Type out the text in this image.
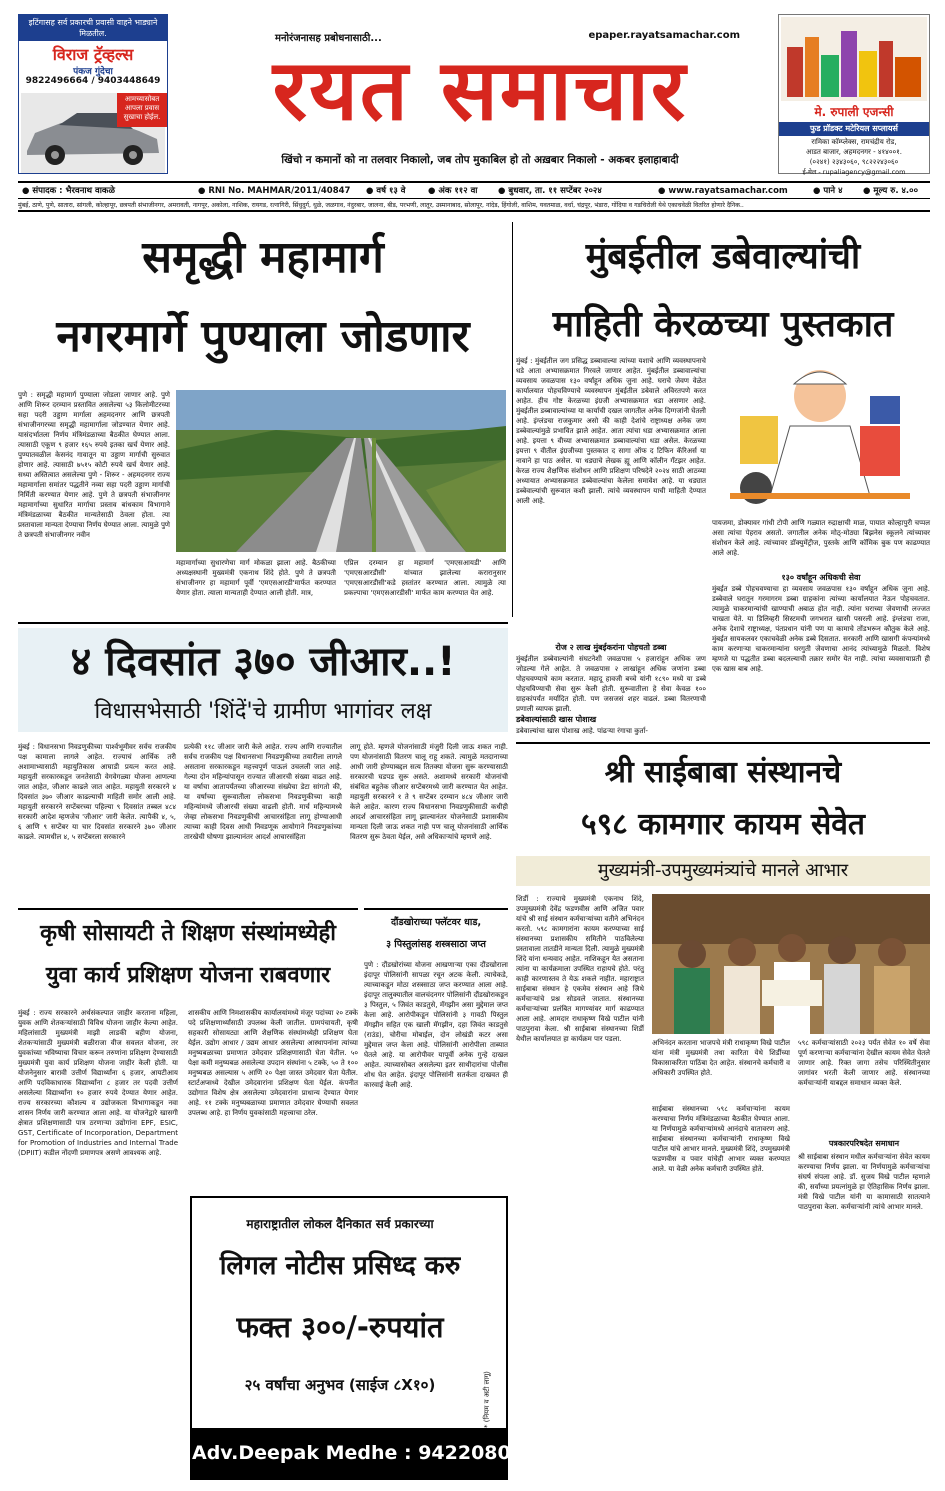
इटिंगासह सर्व प्रकारची प्रवासी वाहने भाड्याने मिळतील.
विराज ट्रॅव्हल्स
पंकज गुंदेचा
9822496664 / 9403448649
आमच्यासोबत आपला प्रवास सुखाचा होईल.
मनोरंजनासह प्रबोधनासाठी...	epaper.rayatsamachar.com
रयत समाचार
खिंचो न कमानों को ना तलवार निकालो, जब तोप मुकाबिल हो तो अख़बार निकालो - अकबर इलाहाबादी
मे. रुपाली एजन्सी
फुड प्रॉडक्ट मटेरियल सप्लायर्स
रामिका कॉम्प्लेक्स, रामचंद्रीय रोड,
आडत बाजार, अहमदनगर - ४१४००१.
(०२४१) २३४३०६०, ९८२२२४३०६०
ई-मेल - rupaliagency@gmail.com
● संपादक : भैरवनाथ वाकळे	● RNI No. MAHMAR/2011/40847 ● वर्ष १३ वे	● अंक ११२ वा ● बुधवार, ता. ११ सप्टेंबर २०२४	● www.rayatsamachar.com	● पाने ४ ● मूल्य रु. ४.००
मुंबई, ठाणे, पुणे, सातारा, सांगली, कोल्हापूर, छत्रपती संभाजीनगर, अमरावती, नागपूर, अकोला, नाशिक, रायगड, रत्नागिरी, सिंधुदुर्ग, धुळे, जळगाव, नंदुरबार, जालना, बीड, परभणी, लातूर, उस्मानाबाद, सोलापूर, नांदेड, हिंगोली, वाशिम, यवतमाळ, वर्धा, चंद्रपूर, भंडारा, गोंदिया व गडचिरोली येथे एकाचवेळी वितरित होणारे दैनिक..
समृद्धी महामार्ग
नगरमार्गे पुण्याला जोडणार
पुणे : समृद्धी महामार्ग पुण्याला जोडला जाणार आहे. पुणे आणि शिरूर दरम्यान प्रस्तावित असलेल्या ५३ किलोमीटरच्या सहा पदरी उड्डाण मार्गाला अहमदनगर आणि छत्रपती संभाजीनगरच्या समृद्धी महामार्गाला जोडण्यात येणार आहे. यासंदर्भातला निर्णय मंत्रिमंडळाच्या बैठकीत घेण्यात आला. त्यासाठी एकूण ९ हजार १६५ रुपये इतका खर्च येणार आहे. पुण्यातवळील केसनंद गावातून या उड्डाण मार्गाची सुरुवात होणार आहे. त्यासाठी ७५१५ कोटी रुपये खर्च येणार आहे. सध्या अस्तित्वात असलेल्या पुणे - शिरूर - अहमदनगर राज्य महामार्गाला समांतर पद्धतीने नव्या सहा पदरी उड्डाण मार्गाची निर्मिती करण्यात येणार आहे. पुणे ते छत्रपती संभाजीनगर महामार्गाच्या सुधारित मार्गाचा प्रस्ताव बांधकाम विभागाने मंत्रिमंडळाच्या बैठकीत मान्यतेसाठी ठेवला होता. त्या प्रस्तावाला मान्यता देण्याचा निर्णय घेण्यात आला. त्यामुळे पुणे ते छत्रपती संभाजीनगर नवीन
महामार्गाच्या सुधारणेचा मार्ग मोकळा झाला आहे. बैठकीच्या अध्यक्षस्थानी मुख्यमंत्री एकनाथ शिंदे होते. पुणे ते छत्रपती संभाजीनगर हा महामार्ग पूर्वी 'एमएसआरडी'मार्फत करण्यात येणार होता. त्याला मान्यताही देण्यात आली होती. मात्र,
एप्रिल दरम्यान हा महामार्ग 'एमएसआयडी' आणि 'एमएसआरडीसी' यांच्यात झालेल्या करारानुसार 'एमएसआरडीसी'कडे हस्तांतर करण्यात आला. त्यामुळे त्या प्रकल्पाचा 'एमएसआरडीसी' मार्फत काम करण्यात येत आहे.
मुंबईतील डबेवाल्यांची
माहिती केरळच्या पुस्तकात
मुंबई : मुंबईतील जग प्रसिद्ध डब्बावाल्या त्यांच्या यशाचे आणि व्यवस्थापनाचे धडे आता अभ्यासक्रमात गिरवले जाणार आहेत. मुंबईतील डब्बावाल्यांचा व्यवसाय जवळपास १३० वर्षांहून अधिक जुना आहे. घराचे जेवण वेळेत कार्यालयात पोहचविण्याचे व्यवस्थापन मुंबईतील डबेवाले अविरतपणे करत आहेत. हीच गोष्ट केरळच्या इंग्रजी अभ्यासक्रमात धडा असणार आहे. मुंबईतील डब्बावाल्यांच्या या कार्याची दखल जागतील अनेक दिग्गजांनी घेतली आहे. इंग्लंडचा राजकुमार असो की काही देशांचे राष्ट्राध्यक्ष अनेक जण डब्बेवाल्यांमुळे प्रभावित झाले आहेत. आता त्यांचा धडा अभ्यासक्रमात आला आहे. इयत्ता ९ वीच्या अभ्यासक्रमात डब्बावाल्यांचा धडा असेल. केरळच्या इयत्ता ९ वीतील इंग्रजीच्या पुस्तकात द सागा ऑफ द टिफिन कॅरिअर्स या नावाने हा पाठ असेल. या धड्याचे लेखक ह्यू आणि कॉलीन गँटझर आहेत. केरळ राज्य शैक्षणिक संशोधन आणि प्रशिक्षण परिषदेने २०२४ साठी आठव्या अध्यायात अभ्यासक्रमात डब्बेवाल्यांचा केलेला समावेश आहे. या धड्यात डब्बेवाल्यांची सुरूवात कशी झाली. त्यांचे व्यवस्थापन याची माहिती देण्यात आली आहे.
रोज २ लाख मुंबईकरांना पोहचतो डब्बा
मुंबईतील डब्बेवाल्यांनी संघटनेशी जवळपास ५ हजारांहून अधिक जण जोडल्या गेले आहेत. ते जवळपास २ लाखांहून अधिक जणांना डब्बा पोहचवण्याचे काम करतात. महादू हावजी बच्चे यांनी १८९० मध्ये या डब्बे पोहचविण्याची सेवा सुरू केली होती. सुरूवातीला हे सेवा केवळ १०० ग्राहकांपर्यंत मर्यादित होती. पण जसजसं शहर वाढलं. डब्बा वितरणाची प्रणाली व्यापक झाली.
डबेवाल्यांसाठी खास पोशाख
डबेवाल्यांचा खास पोशाख आहे. पांढऱ्या रंगाचा कुर्ता-
पायजमा, डोक्यावर गांधी टोपी आणि गळ्यात रुद्राक्षाची माळ, पायात कोल्हापुरी चप्पल असा त्यांचा पेहराव असतो. जगातील अनेक मोठ्-मोठ्या बिझनेस स्कूलने त्यांच्यावर संशोधन केले आहे. त्यांच्यावर डॉक्युमेंट्रीज, पुस्तके आणि कॉमिक बुक पण काढण्यात आले आहे.
१३० वर्षांहून अधिकची सेवा
मुंबईत डब्बे पोहचवण्याचा हा व्यवसाय जवळपास १३० वर्षांहून अधिक जुना आहे. डब्बेवाले घरातून गरमागरम डब्बा ग्राहकांना त्यांच्या कार्यालयात नेऊन पोहचवतात. त्यामुळे चाकरमान्यांची खाण्याची अबाळ होत नाही. त्यांना घराच्या जेवणाची लज्जत चाखता येते. या डिलिव्हरी सिस्टमची जगभरात खासी पसरली आहे. इंग्लंडचा राजा, अनेक देशाचे राष्ट्राध्यक्ष, पंतप्रधान यांनी पण या कामाचे तोंडभरून कौतुक केले आहे. मुंबईत सायकलवर एकाचवेळी अनेक डब्बे दिसतात. सरकारी आणि खासगी कंपन्यांमध्ये काम करणाऱ्या चाकरमान्यांना घरगुती जेवणाचा आनंद त्यांच्यामुळे मिळतो. विशेष म्हणजे या पद्धतीत डब्बा बदलल्याची तक्रार समोर येत नाही. त्यांचा व्यवसायाप्रती ही एक खास बाब आहे.
४ दिवसांत ३७० जीआर..!
विधासभेसाठी 'शिंदें'चे ग्रामीण भागांवर लक्ष
मुंबई : विधानसभा निवडणुकीच्या पार्श्वभूमीवर सर्वच राजकीय पक्ष कामाला लागले आहेत. राज्याचं आर्थिक तरी अशामाभ्यासाठी महायुतिकास आघाडी प्रयत्न करत आहे. महायुती सरकारकडून जनतेसाठी वेगवेगळ्या योजना आणल्या जात आहेत, जीआर काढले जात आहेत. महायुती सरकारने ४ दिवसांत ३७० जीआर काढल्याची माहिती समोर आली आहे. महायुती सरकारने सप्टेंबरच्या पहिल्या ९ दिवसांत तब्बल ४८४ सरकारी आदेश म्हणजेच 'जीआर' जारी केलेत. त्यापैकी ४, ५, ६ आणि ९ सप्टेंबर या चार दिवसांत सरकारने ३७० जीआर काढले. त्यामधील ४, ५ सप्टेंबरला सरकारने
प्रत्येकी ११८ जीआर जारी केले आहेत. राज्य आणि राज्यातील सर्वच राजकीय पक्ष विधानसभा निवडणुकीच्या तयारीला लागले असताना सरकारकडून महत्त्वपूर्ण पाऊलं उचलली जात आहे. गेल्या दोन महिन्यांपासून राज्यात जीआरची संख्या वाढत आहे. या वर्षाचा आतापर्यंतच्या जीआरच्या संख्येचा डेटा सांगतो की, या वर्षाच्या सुरूवातीला लोकसभा निवडणुकीच्या काही महिन्यांमध्ये जीआरची संख्या वाढली होती. मार्च महिन्यामध्ये जेव्हा लोकसभा निवडणुकीची आचारसंहिता लागू होण्याआधी त्याच्या काही दिवस आधी निवडणूक आयोगाने निवडणुकांच्या तारखेची घोषणा झाल्यानंतर आदर्श आचारसंहिता
लागू होते. म्हणजे योजनांसाठी मंजुरी दिली जाऊ शकत नाही. पण योजनांसाठी वितरण चालू राहू शकते. त्यामुळे मतदानाच्या आधी जारी होण्याबद्दल सत्य तितक्या योजना सुरू करण्यासाठी सरकारची घडपड सुरू असते. अशामध्ये सरकारी योजनांची संबंधित बहुतेक जीआर सप्टेंबरमध्ये जारी करण्यात येत आहेत. महायुती सरकारने १ ते ९ सप्टेंबर दरम्यान ४८४ जीआर जारी केले आहेत. कारण राज्य विधानसभा निवडणुकीसाठी कधीही आदर्श आचारसंहिता लागू झाल्यानंतर योजनेसाठी प्रशासकीय मान्यता दिली जाऊ शकत नाही पण चालू योजनांसाठी आर्थिक वितरण सुरू ठेवता येईल, असे अधिकाऱ्यांचे म्हणणे आहे.
श्री साईबाबा संस्थानचे
५९८ कामगार कायम सेवेत
मुख्यमंत्री-उपमुख्यमंत्र्यांचे मानले आभार
शिर्डी : राज्याचे मुख्यमंत्री एकनाथ शिंदे, उपमुख्यमंत्री देवेंद्र फडणवीस आणि अजित पवार यांचे श्री साई संस्थान कर्मचाऱ्यांच्या वतीने अभिनंदन करतो. ५९८ कामगारांना कायम करण्याच्या साई संस्थानच्या प्रशासकीय समितीने पाठविलेल्या प्रस्तावाला तातडीने मान्यता दिली. त्यामुळे मुख्यमंत्री शिंदे यांना धन्यवाद आहेत. नाशिकहून येत असताना त्यांना या कार्यक्रमाला उपस्थित राहायचे होते. परंतु काही कारणास्तव ते येऊ शकले नाहीत. महाराष्ट्रात साईबाबा संस्थान हे एकमेव संस्थान आहे जिथे कर्मचाऱ्यांचे प्रश्न सोडवले जातात. संस्थानच्या कर्मचाऱ्यांच्या प्रलंबित मागण्यांवर मार्ग काढण्यात आला आहे. आमदार राधाकृष्ण विखे पाटील यांनी पाठपुरावा केला. श्री साईबाबा संस्थानच्या शिर्डी येथील कार्यालयात हा कार्यक्रम पार पडला.	अभिनंदन करताना भाजपचे मंत्री राधाकृष्ण विखे पाटील यांना मंत्री मुख्यमंत्री तथा कारिता येथे शिर्डीच्या विकासाकरिता पाठिंबा देत आहेत. संस्थानचे कर्मचारी व अधिकारी उपस्थित होते.
साईबाबा संस्थानच्या ५९८ कर्मचाऱ्यांना कायम करण्याचा निर्णय मंत्रिमंडळाच्या बैठकीत घेण्यात आला. या निर्णयामुळे कर्मचाऱ्यांमध्ये आनंदाचे वातावरण आहे. साईबाबा संस्थानच्या कर्मचाऱ्यांनी राधाकृष्ण विखे पाटील यांचे आभार मानले. मुख्यमंत्री शिंदे, उपमुख्यमंत्री फडणवीस व पवार यांचेही आभार व्यक्त करण्यात आले. या वेळी अनेक कर्मचारी उपस्थित होते.
५९८ कर्मचाऱ्यांसाठी २०२३ पर्यंत सेवेत १० वर्षे सेवा पूर्ण करणाऱ्या कर्मचाऱ्यांना देखील कायम सेवेत घेतले जाणार आहे. रिक्त जागा तसेच परिस्थितीनुसार जागांवर भरती केली जाणार आहे. संस्थानच्या कर्मचाऱ्यांनी याबद्दल समाधान व्यक्त केले.
पत्रकारपरिषदेत समाधान
श्री साईबाबा संस्थान मधील कर्मचाऱ्यांना सेवेत कायम करण्याचा निर्णय झाला. या निर्णयामुळे कर्मचाऱ्यांचा संघर्ष संपला आहे. डॉ. सुजय विखे पाटील म्हणाले की, सर्वांच्या प्रयत्नांमुळे हा ऐतिहासिक निर्णय झाला. मंत्री विखे पाटील यांनी या कामासाठी सातत्याने पाठपुरावा केला. कर्मचाऱ्यांनी त्यांचे आभार मानले.
कृषी सोसायटी ते शिक्षण संस्थांमध्येही
युवा कार्य प्रशिक्षण योजना राबवणार
मुंबई : राज्य सरकारने अर्थसंकल्पात जाहीर करताना महिला, युवक आणि शेतकऱ्यांसाठी विविध योजना जाहीर केल्या आहेत. महिलांसाठी मुख्यमंत्री माझी लाडकी बहीण योजना, शेतकऱ्यांसाठी मुख्यमंत्री बळीराजा वीज सवलत योजना, तर युवकांच्या भविष्याचा विचार करून तरुणांना प्रशिक्षण देण्यासाठी मुख्यमंत्री युवा कार्य प्रशिक्षण योजना जाहीर केली होती. या योजनेनुसार बारावी उत्तीर्ण विद्यार्थ्यांना ६ हजार, आयटीआय आणि पदविकाधारक विद्यार्थ्यांना ८ हजार तर पदवी उत्तीर्ण असलेल्या विद्यार्थ्यांना १० हजार रुपये देण्यात येणार आहेत. राज्य सरकारच्या कौशल्य व उद्योजकता विभागाकडून नवा शासन निर्णय जारी करण्यात आला आहे. या योजनेद्वारे खासगी क्षेत्रात प्रशिक्षणासाठी पात्र ठरणाऱ्या उद्योगांना EPF, ESIC, GST, Certificate of Incorporation, Department for Promotion of Industries and Internal Trade (DPIIT) कडील नोंदणी प्रमाणपत्र असणे आवश्यक आहे.
शासकीय आणि निमशासकीय कार्यालयांमध्ये मंजूर पदांच्या २० टक्के पदे प्रशिक्षणार्थ्यांसाठी उपलब्ध केली जातील. ग्रामपंचायती, कृषी सहकारी सोसायट्या आणि शैक्षणिक संस्थांमध्येही प्रशिक्षण घेता येईल. उद्योग आधार / उद्यम आधार असलेल्या आस्थापनांना त्यांच्या मनुष्यबळाच्या प्रमाणात उमेदवार प्रशिक्षणासाठी घेता येतील. ५० पेक्षा कमी मनुष्यबळ असलेल्या उपदान संस्थांना ५ टक्के, ५० ते १०० मनुष्यबळ असल्यास ५ आणि २० पेक्षा जास्त उमेदवार घेता येतील. स्टार्टअप्सध्ये देखील उमेदवारांना प्रशिक्षण घेता येईल. कंपनीत उद्योगात विशेष क्षेत्र असलेल्या उमेदवारांना प्राधान्य देण्यात येणार आहे. ११ टक्के मनुष्यबळाच्या प्रमाणात उमेदवार घेण्याची सवलत उपलब्ध आहे. हा निर्णय युवकांसाठी महत्त्वाचा ठरेल.
दौंडखोराच्या फ्लॅटवर धाड,
३ पिस्तुलांसह शस्त्रसाठा जप्त
पुणे : दौंडखोरांच्या योजना आखणाऱ्या एका दौंडखोराला इंदापूर पोलिसांनी सापळा रचून अटक केली. त्याचेकडे, त्याच्याकडून मोठा शस्त्रसाठा जप्त करण्यात आला आहे. इंदापूर तालुक्यातील वालचंदनगर पोलिसांनी दौंडखोराकडून ३ पिस्तुल, ५ जिवंत काडतुसे, मॅगझीन असा मुद्देमाल जप्त केला आहे. आरोपीकडून पोलिसांनी ३ गावठी पिस्तुल मॅगझीन सहित एक खाली मॅगझीन, दहा जिवंत काडतुसे (राउंड), चोरीचा मोबाईल, दोन लोखंडी कटर असा मुद्देमाल जप्त केला आहे. पोलिसांनी आरोपीला ताब्यात घेतले आहे. या आरोपीवर यापूर्वी अनेक गुन्हे दाखल आहेत. त्याच्यासोबत असलेल्या इतर साथीदारांचा पोलीस शोध घेत आहेत. इंदापूर पोलिसांनी सतर्कता दाखवत ही कारवाई केली आहे.
महाराष्ट्रातील लोकल दैनिकात सर्व प्रकारच्या
लिगल नोटीस प्रसिध्द करु
फक्त ३००/-रुपयांत
२५ वर्षांचा अनुभव (साईज ८X१०)	* (नियम व अटी लागू)
Adv.Deepak Medhe : 9422080597
